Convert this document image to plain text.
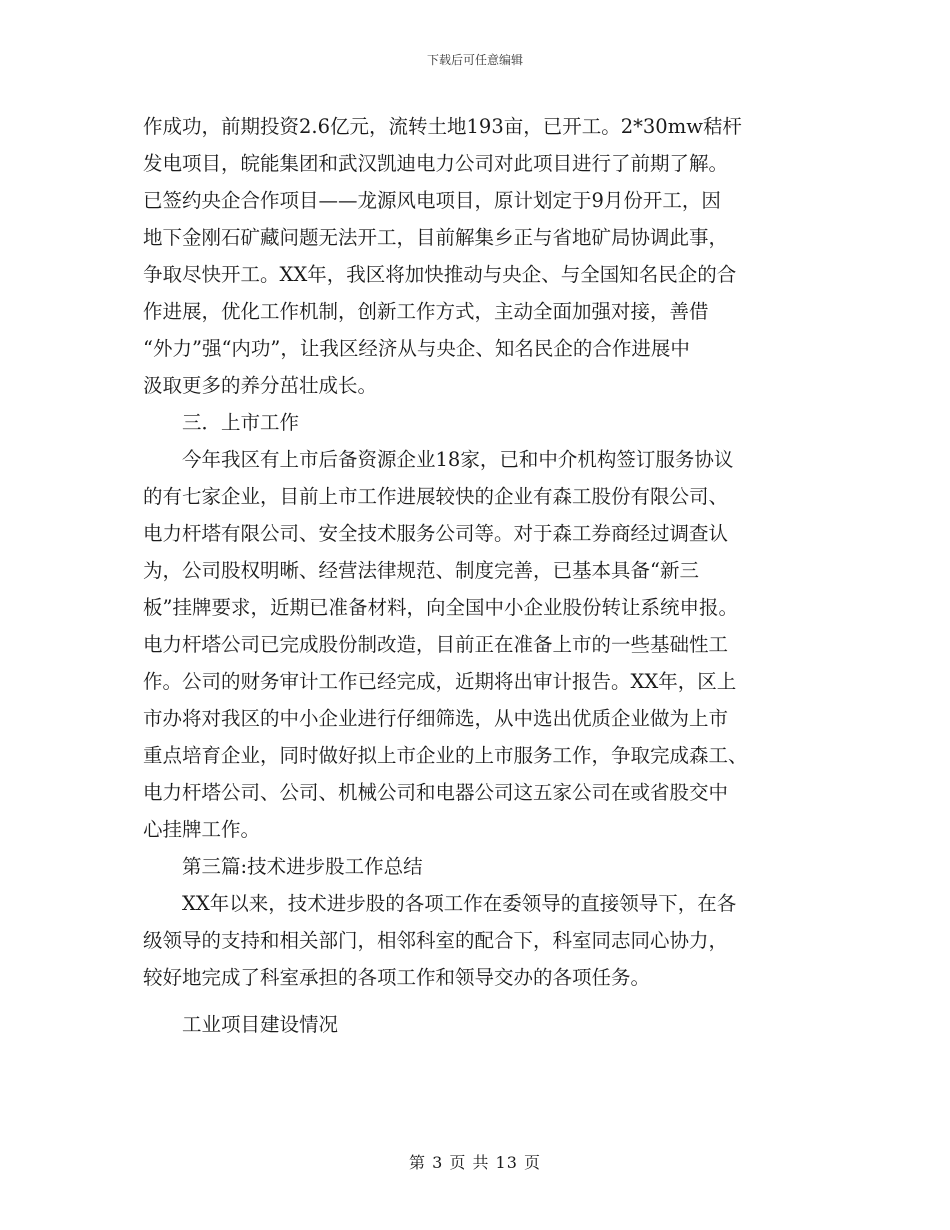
下载后可任意编辑
作成功，前期投资2.6亿元，流转土地193亩，已开工。2*30mw秸杆
发电项目，皖能集团和武汉凯迪电力公司对此项目进行了前期了解。
已签约央企合作项目——龙源风电项目，原计划定于9月份开工，因
地下金刚石矿藏问题无法开工，目前解集乡正与省地矿局协调此事，
争取尽快开工。XX年，我区将加快推动与央企、与全国知名民企的合
作进展，优化工作机制，创新工作方式，主动全面加强对接，善借
“外力”强“内功”，让我区经济从与央企、知名民企的合作进展中
汲取更多的养分茁壮成长。
三．上市工作
今年我区有上市后备资源企业18家，已和中介机构签订服务协议
的有七家企业，目前上市工作进展较快的企业有森工股份有限公司、
电力杆塔有限公司、安全技术服务公司等。对于森工券商经过调查认
为，公司股权明晰、经营法律规范、制度完善，已基本具备“新三
板”挂牌要求，近期已准备材料，向全国中小企业股份转让系统申报。
电力杆塔公司已完成股份制改造，目前正在准备上市的一些基础性工
作。公司的财务审计工作已经完成，近期将出审计报告。XX年，区上
市办将对我区的中小企业进行仔细筛选，从中选出优质企业做为上市
重点培育企业，同时做好拟上市企业的上市服务工作，争取完成森工、
电力杆塔公司、公司、机械公司和电器公司这五家公司在或省股交中
心挂牌工作。
第三篇:技术进步股工作总结
XX年以来，技术进步股的各项工作在委领导的直接领导下，在各
级领导的支持和相关部门，相邻科室的配合下，科室同志同心协力，
较好地完成了科室承担的各项工作和领导交办的各项任务。
工业项目建设情况
第 3 页 共 13 页
